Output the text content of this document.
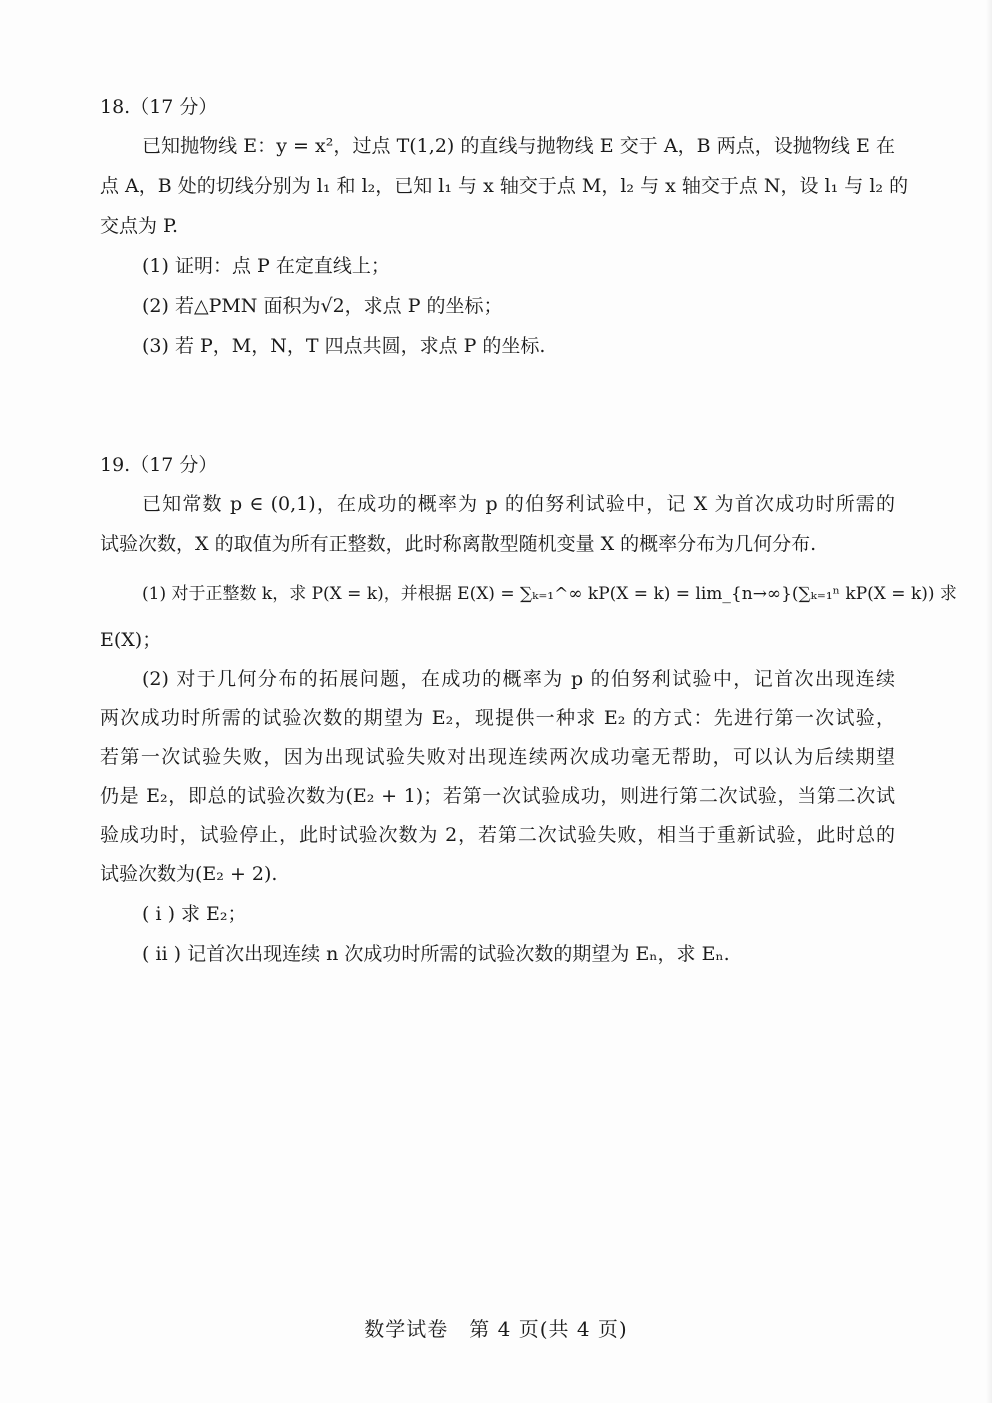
18.（17 分）
已知抛物线 E：y = x²，过点 T(1,2) 的直线与抛物线 E 交于 A，B 两点，设抛物线 E 在
点 A，B 处的切线分别为 l₁ 和 l₂，已知 l₁ 与 x 轴交于点 M，l₂ 与 x 轴交于点 N，设 l₁ 与 l₂ 的
交点为 P.
(1) 证明：点 P 在定直线上；
(2) 若△PMN 面积为√2，求点 P 的坐标；
(3) 若 P，M，N，T 四点共圆，求点 P 的坐标.
19.（17 分）
已知常数 p ∈ (0,1)，在成功的概率为 p 的伯努利试验中，记 X 为首次成功时所需的
试验次数，X 的取值为所有正整数，此时称离散型随机变量 X 的概率分布为几何分布.
(1) 对于正整数 k，求 P(X = k)，并根据 E(X) = ∑ₖ₌₁^∞ kP(X = k) = lim_{n→∞}(∑ₖ₌₁ⁿ kP(X = k)) 求
E(X)；
(2) 对于几何分布的拓展问题，在成功的概率为 p 的伯努利试验中，记首次出现连续
两次成功时所需的试验次数的期望为 E₂，现提供一种求 E₂ 的方式：先进行第一次试验，
若第一次试验失败，因为出现试验失败对出现连续两次成功毫无帮助，可以认为后续期望
仍是 E₂，即总的试验次数为(E₂ + 1)；若第一次试验成功，则进行第二次试验，当第二次试
验成功时，试验停止，此时试验次数为 2，若第二次试验失败，相当于重新试验，此时总的
试验次数为(E₂ + 2).
( ⅰ ) 求 E₂；
( ⅱ ) 记首次出现连续 n 次成功时所需的试验次数的期望为 Eₙ，求 Eₙ.
数学试卷　第 4 页(共 4 页)
